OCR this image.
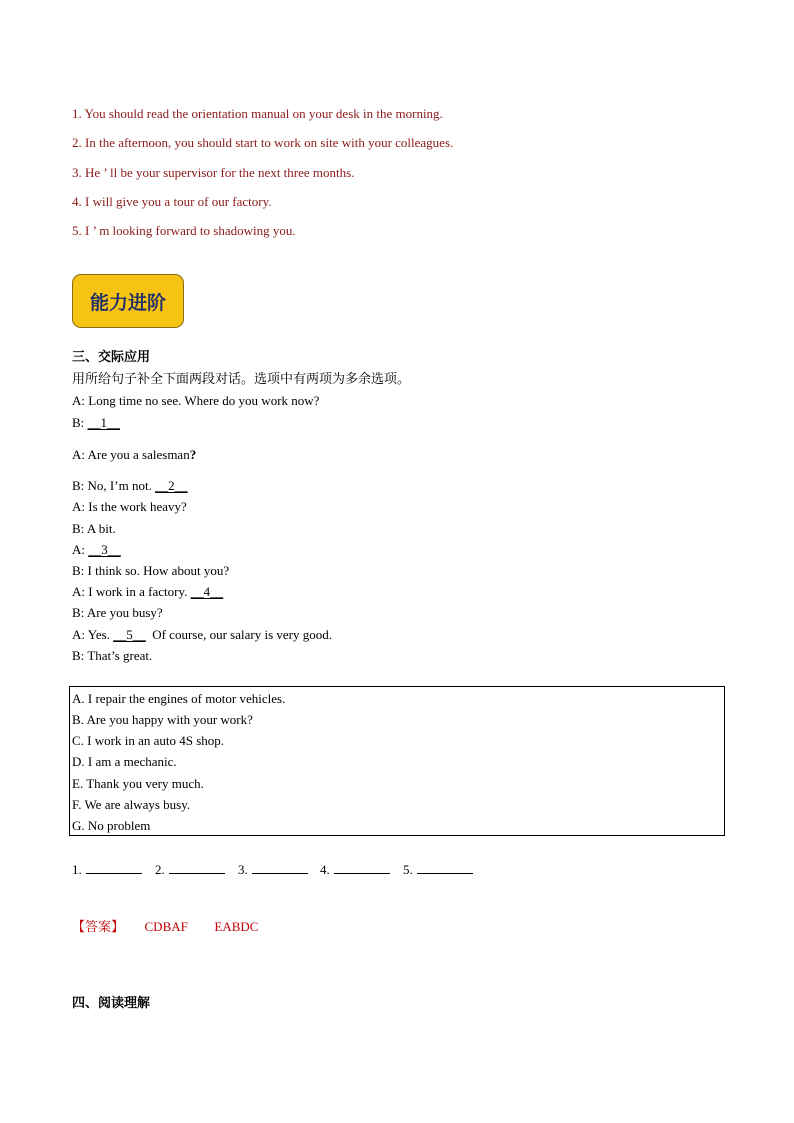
1. You should read the orientation manual on your desk in the morning.
2. In the afternoon, you should start to work on site with your colleagues.
3. He ’ ll be your supervisor for the next three months.
4. I will give you a tour of our factory.
5. I ’ m looking forward to shadowing you.
能力进阶
三、交际应用
用所给句子补全下面两段对话。选项中有两项为多余选项。
A: Long time no see. Where do you work now?
B: __1__
A: Are you a salesman?
B: No, I’m not. __2__
A: Is the work heavy?
B: A bit.
A: __3__
B: I think so. How about you?
A: I work in a factory. __4__
B: Are you busy?
A: Yes. __5__  Of course, our salary is very good.
B: That’s great.
A. I repair the engines of motor vehicles.
B. Are you happy with your work?
C. I work in an auto 4S shop.
D. I am a mechanic.
E. Thank you very much.
F. We are always busy.
G. No problem
1.	2.	3.	4.	5.
【答案】 CDBAF EABDC
四、阅读理解
